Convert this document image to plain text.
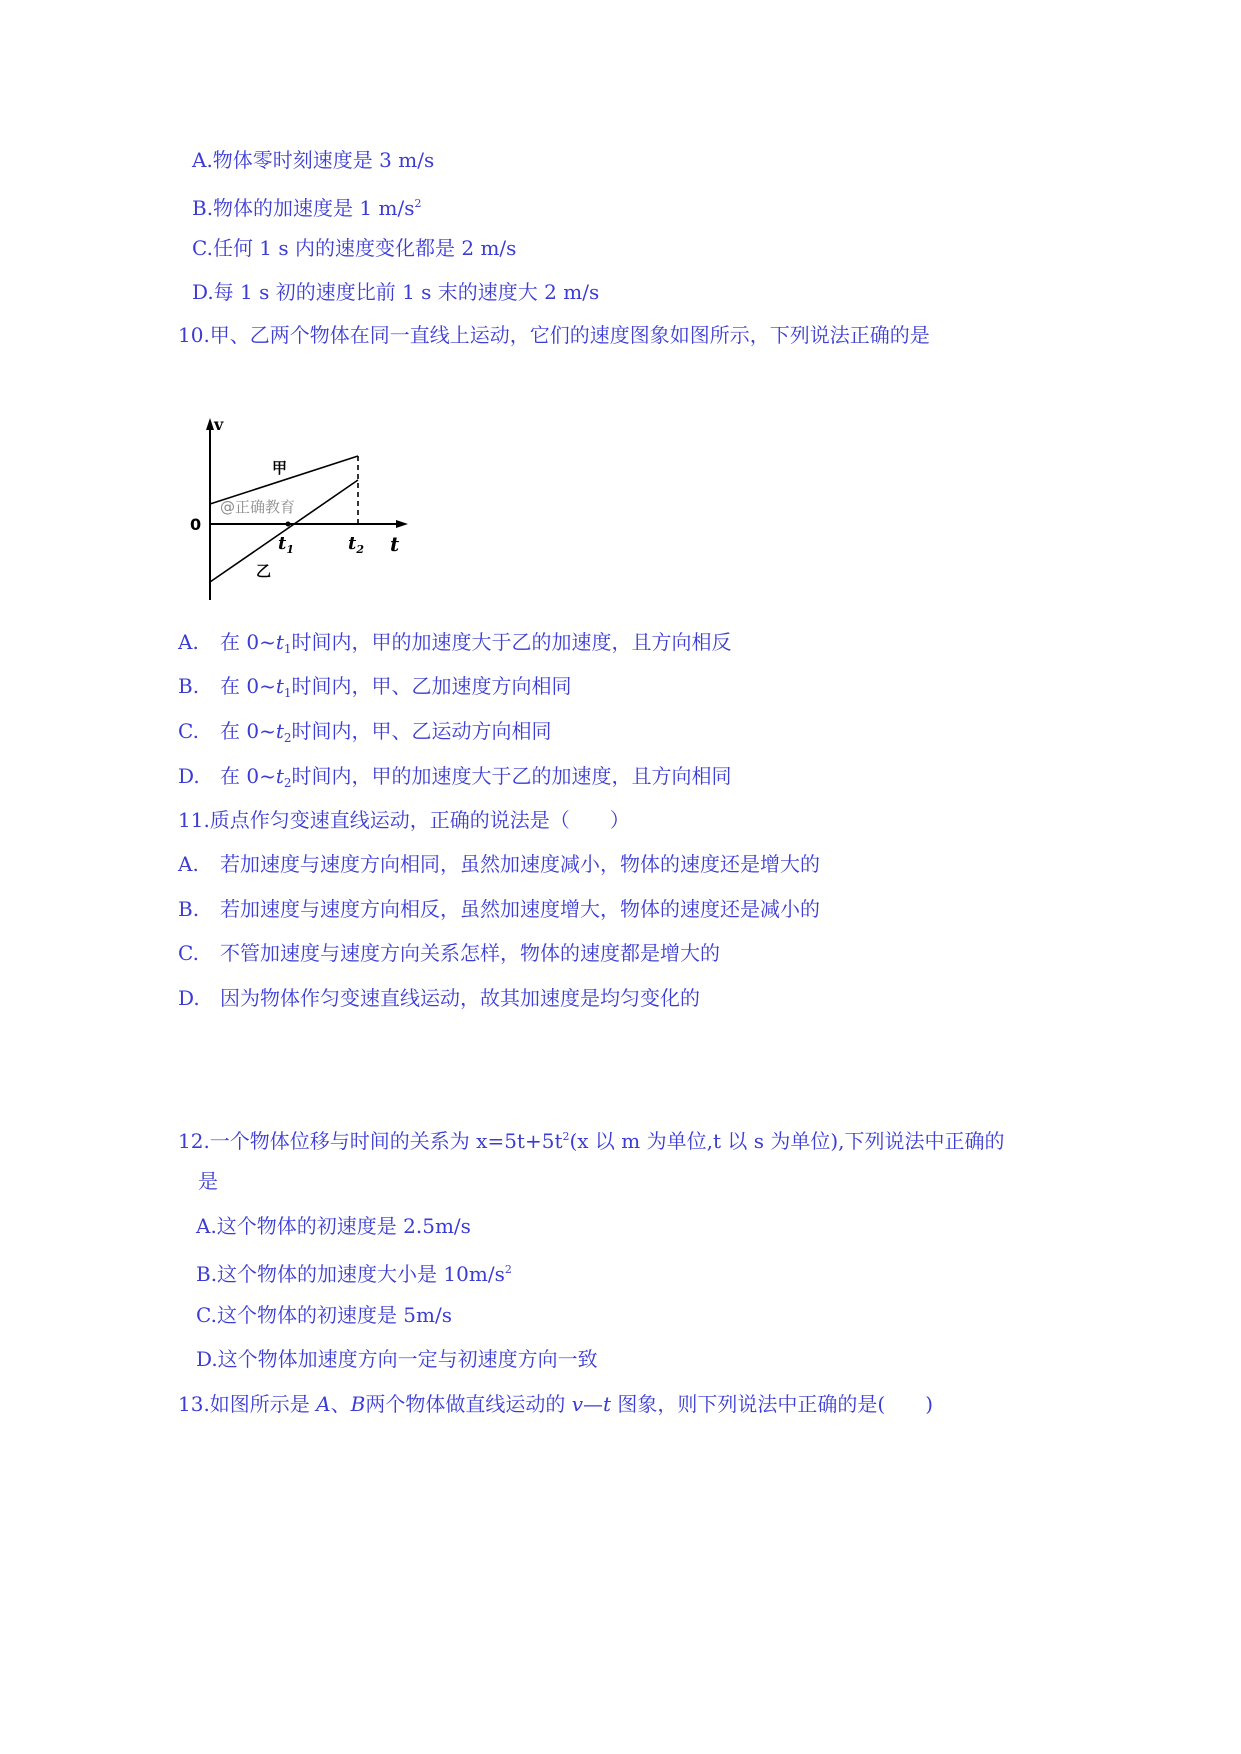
A.物体零时刻速度是 3 m/s
B.物体的加速度是 1 $m/s^2$
C.任何 1 s 内的速度变化都是 2 m/s
D.每 1 s 初的速度比前 1 s 末的速度大 2 m/s
10.甲、乙两个物体在同一直线上运动，它们的速度图象如图所示，下列说法正确的是
v
0
t
$t_1$	$t_2$
甲
乙
@正确教育
A. 在 $0\sim t_1$时间内，甲的加速度大于乙的加速度，且方向相反
B. 在 $0\sim t_1$时间内，甲、乙加速度方向相同
C. 在 $0\sim t_2$时间内，甲、乙运动方向相同
D. 在 $0\sim t_2$时间内，甲的加速度大于乙的加速度，且方向相同
11.质点作匀变速直线运动，正确的说法是（　　）
A. 若加速度与速度方向相同，虽然加速度减小，物体的速度还是增大的
B. 若加速度与速度方向相反，虽然加速度增大，物体的速度还是减小的
C. 不管加速度与速度方向关系怎样，物体的速度都是增大的
D. 因为物体作匀变速直线运动，故其加速度是均匀变化的
12.一个物体位移与时间的关系为 $x=5t+5t^2(x$ 以 m 为单位,t 以 s 为单位),下列说法中正确的
是
A.这个物体的初速度是 2.5m/s
B.这个物体的加速度大小是 $10m/s^2$
C.这个物体的初速度是 5m/s
D.这个物体加速度方向一定与初速度方向一致
13.如图所示是 A、B两个物体做直线运动的 v—t 图象，则下列说法中正确的是(　　)
